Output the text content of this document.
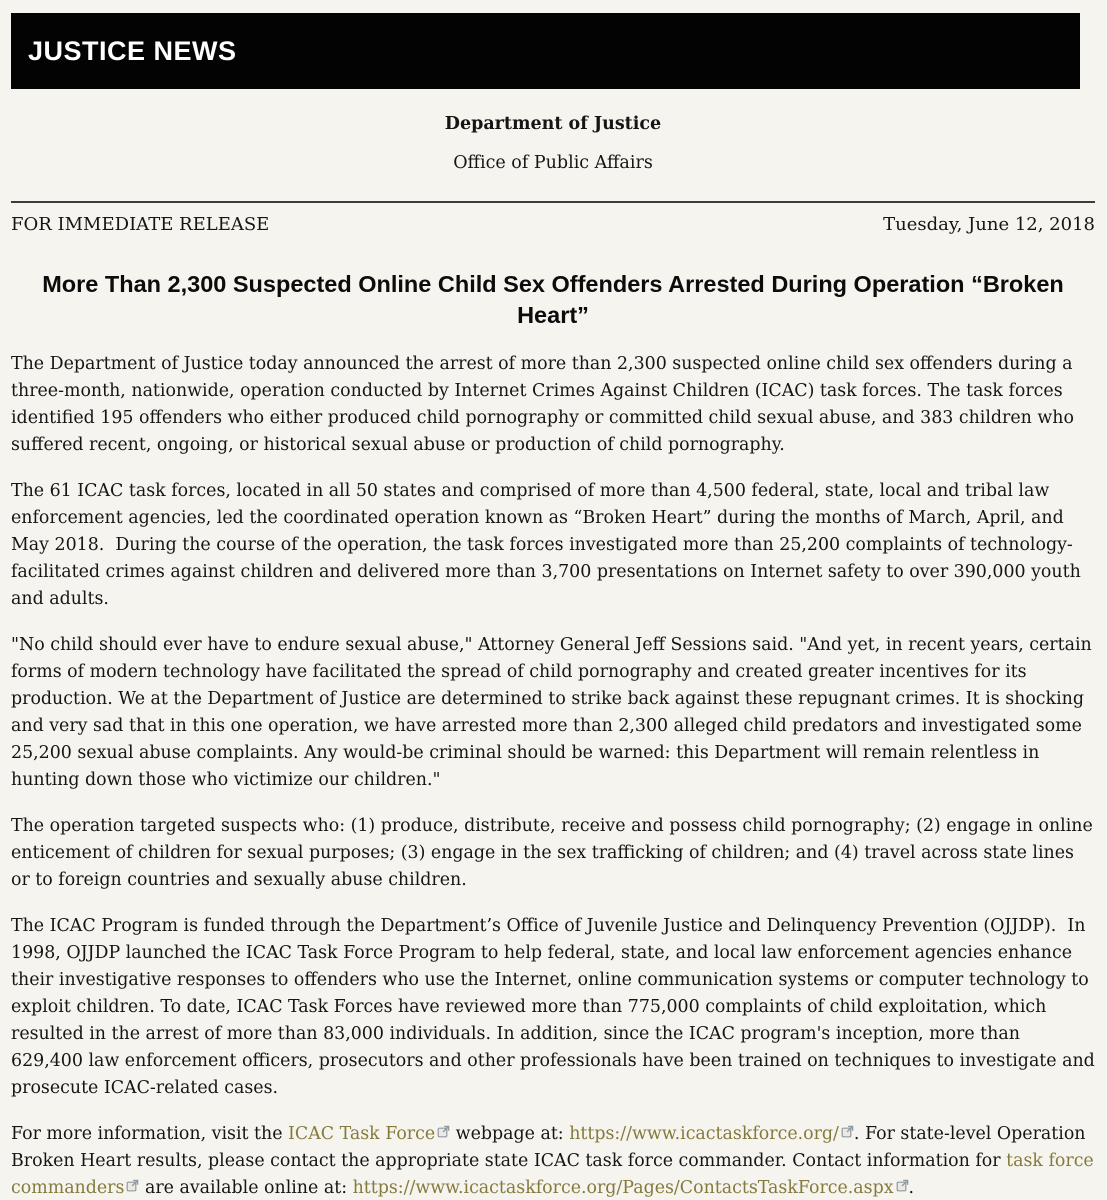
JUSTICE NEWS
Department of Justice
Office of Public Affairs
FOR IMMEDIATE RELEASE	Tuesday, June 12, 2018
More Than 2,300 Suspected Online Child Sex Offenders Arrested During Operation “Broken Heart”

The Department of Justice today announced the arrest of more than 2,300 suspected online child sex offenders during a three-month, nationwide, operation conducted by Internet Crimes Against Children (ICAC) task forces. The task forces identified 195 offenders who either produced child pornography or committed child sexual abuse, and 383 children who suffered recent, ongoing, or historical sexual abuse or production of child pornography.

The 61 ICAC task forces, located in all 50 states and comprised of more than 4,500 federal, state, local and tribal law enforcement agencies, led the coordinated operation known as “Broken Heart” during the months of March, April, and May 2018.  During the course of the operation, the task forces investigated more than 25,200 complaints of technology-facilitated crimes against children and delivered more than 3,700 presentations on Internet safety to over 390,000 youth and adults.

"No child should ever have to endure sexual abuse," Attorney General Jeff Sessions said. "And yet, in recent years, certain forms of modern technology have facilitated the spread of child pornography and created greater incentives for its production. We at the Department of Justice are determined to strike back against these repugnant crimes. It is shocking and very sad that in this one operation, we have arrested more than 2,300 alleged child predators and investigated some 25,200 sexual abuse complaints. Any would-be criminal should be warned: this Department will remain relentless in hunting down those who victimize our children."

The operation targeted suspects who: (1) produce, distribute, receive and possess child pornography; (2) engage in online enticement of children for sexual purposes; (3) engage in the sex trafficking of children; and (4) travel across state lines or to foreign countries and sexually abuse children.

The ICAC Program is funded through the Department’s Office of Juvenile Justice and Delinquency Prevention (OJJDP).  In 1998, OJJDP launched the ICAC Task Force Program to help federal, state, and local law enforcement agencies enhance their investigative responses to offenders who use the Internet, online communication systems or computer technology to exploit children. To date, ICAC Task Forces have reviewed more than 775,000 complaints of child exploitation, which resulted in the arrest of more than 83,000 individuals. In addition, since the ICAC program's inception, more than 629,400 law enforcement officers, prosecutors and other professionals have been trained on techniques to investigate and prosecute ICAC-related cases.

For more information, visit the ICAC Task Force webpage at: https://www.icactaskforce.org/ . For state-level Operation Broken Heart results, please contact the appropriate state ICAC task force commander. Contact information for task force commanders are available online at: https://www.icactaskforce.org/Pages/ContactsTaskForce.aspx .
